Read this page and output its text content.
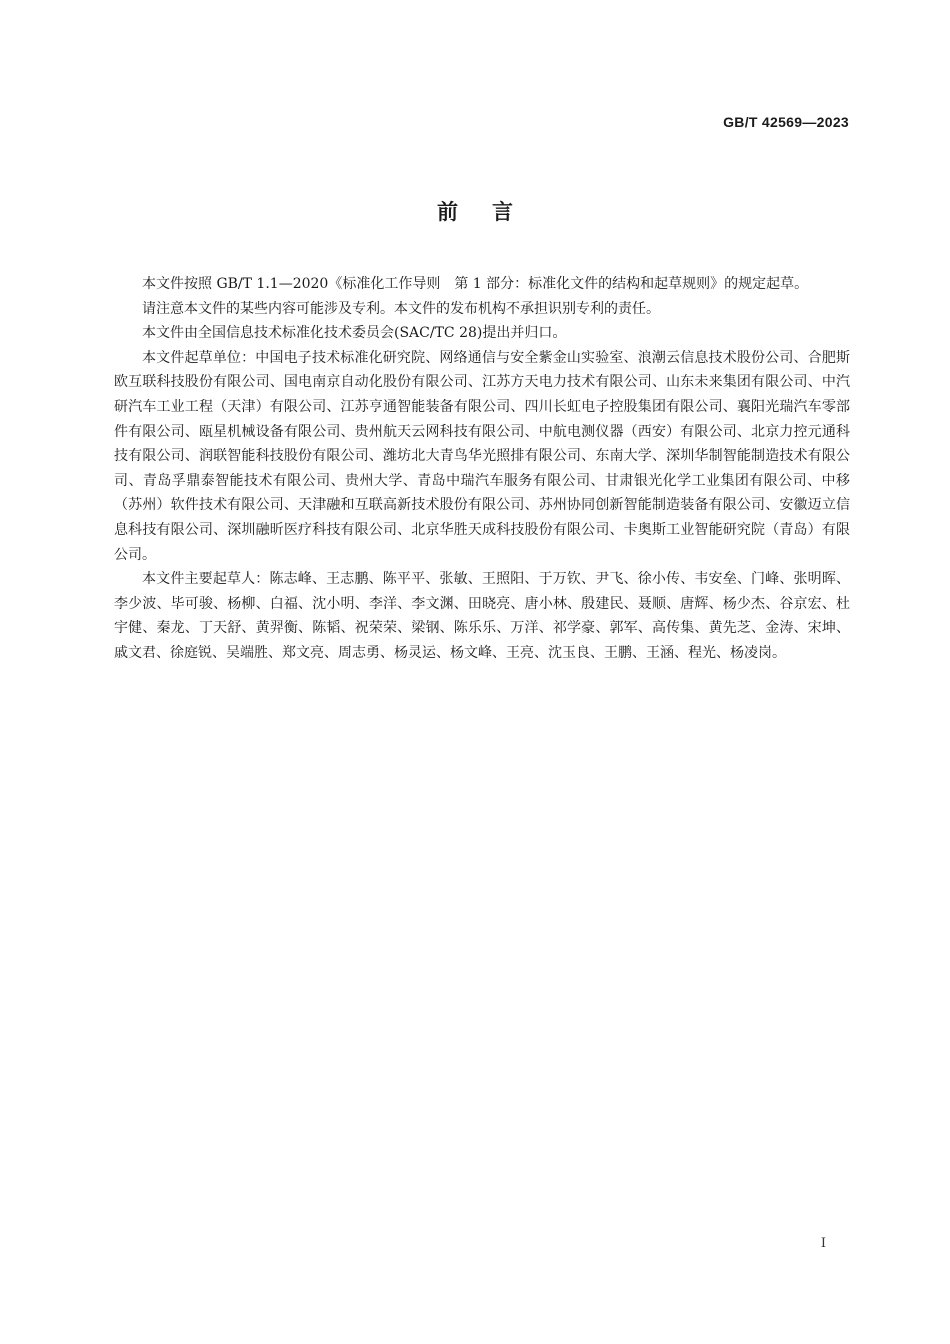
GB/T 42569—2023
前言

本文件按照 GB/T 1.1—2020《标准化工作导则　第 1 部分：标准化文件的结构和起草规则》的规定起草。

请注意本文件的某些内容可能涉及专利。本文件的发布机构不承担识别专利的责任。

本文件由全国信息技术标准化技术委员会(SAC/TC 28)提出并归口。

本文件起草单位：中国电子技术标准化研究院、网络通信与安全紫金山实验室、浪潮云信息技术股份公司、合肥斯欧互联科技股份有限公司、国电南京自动化股份有限公司、江苏方天电力技术有限公司、山东未来集团有限公司、中汽研汽车工业工程（天津）有限公司、江苏亨通智能装备有限公司、四川长虹电子控股集团有限公司、襄阳光瑞汽车零部件有限公司、瓯星机械设备有限公司、贵州航天云网科技有限公司、中航电测仪器（西安）有限公司、北京力控元通科技有限公司、润联智能科技股份有限公司、潍坊北大青鸟华光照排有限公司、东南大学、深圳华制智能制造技术有限公司、青岛孚鼎泰智能技术有限公司、贵州大学、青岛中瑞汽车服务有限公司、甘肃银光化学工业集团有限公司、中移（苏州）软件技术有限公司、天津融和互联高新技术股份有限公司、苏州协同创新智能制造装备有限公司、安徽迈立信息科技有限公司、深圳融昕医疗科技有限公司、北京华胜天成科技股份有限公司、卡奥斯工业智能研究院（青岛）有限公司。

本文件主要起草人：陈志峰、王志鹏、陈平平、张敏、王照阳、于万钦、尹飞、徐小传、韦安垒、门峰、张明晖、李少波、毕可骏、杨柳、白福、沈小明、李洋、李文渊、田晓亮、唐小林、殷建民、聂顺、唐辉、杨少杰、谷京宏、杜宇健、秦龙、丁天舒、黄羿衡、陈韬、祝荣荣、梁钢、陈乐乐、万洋、祁学豪、郭军、高传集、黄先芝、金涛、宋坤、戚文君、徐庭锐、吴端胜、郑文亮、周志勇、杨灵运、杨文峰、王亮、沈玉良、王鹏、王涵、程光、杨凌岗。

I
